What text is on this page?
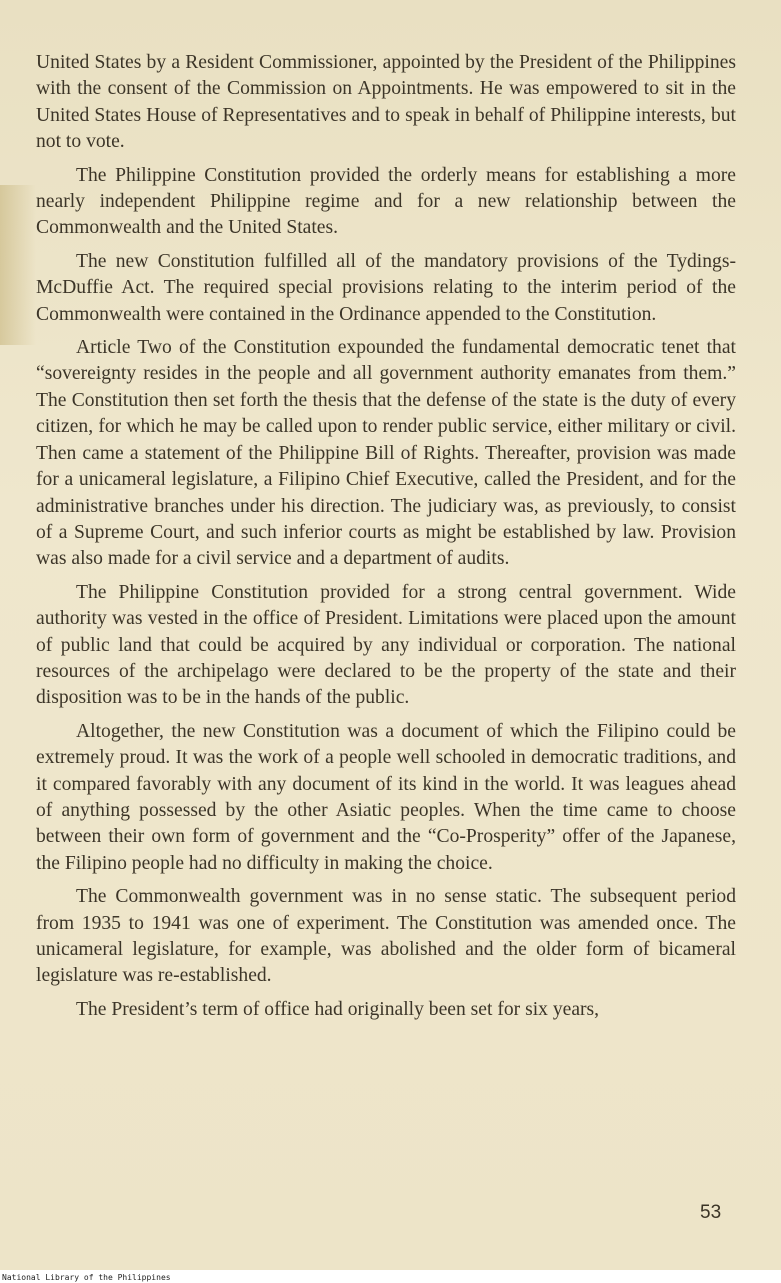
United States by a Resident Commissioner, appointed by the President of the Philippines with the consent of the Commission on Appointments. He was empowered to sit in the United States House of Representatives and to speak in behalf of Philippine interests, but not to vote.

The Philippine Constitution provided the orderly means for establishing a more nearly independent Philippine regime and for a new relationship between the Commonwealth and the United States.

The new Constitution fulfilled all of the mandatory provisions of the Tydings-McDuffie Act. The required special provisions relating to the interim period of the Commonwealth were contained in the Ordinance appended to the Constitution.

Article Two of the Constitution expounded the fundamental democratic tenet that “sovereignty resides in the people and all government authority emanates from them.” The Constitution then set forth the thesis that the defense of the state is the duty of every citizen, for which he may be called upon to render public service, either military or civil. Then came a statement of the Philippine Bill of Rights. Thereafter, provision was made for a unicameral legislature, a Filipino Chief Executive, called the President, and for the administrative branches under his direction. The judiciary was, as previously, to consist of a Supreme Court, and such inferior courts as might be established by law. Provision was also made for a civil service and a department of audits.

The Philippine Constitution provided for a strong central government. Wide authority was vested in the office of President. Limitations were placed upon the amount of public land that could be acquired by any individual or corporation. The national resources of the archipelago were declared to be the property of the state and their disposition was to be in the hands of the public.

Altogether, the new Constitution was a document of which the Filipino could be extremely proud. It was the work of a people well schooled in democratic traditions, and it compared favorably with any document of its kind in the world. It was leagues ahead of anything possessed by the other Asiatic peoples. When the time came to choose between their own form of government and the “Co-Prosperity” offer of the Japanese, the Filipino people had no difficulty in making the choice.

The Commonwealth government was in no sense static. The subsequent period from 1935 to 1941 was one of experiment. The Constitution was amended once. The unicameral legislature, for example, was abolished and the older form of bicameral legislature was re-established.

The President’s term of office had originally been set for six years,

53
National Library of the Philippines
